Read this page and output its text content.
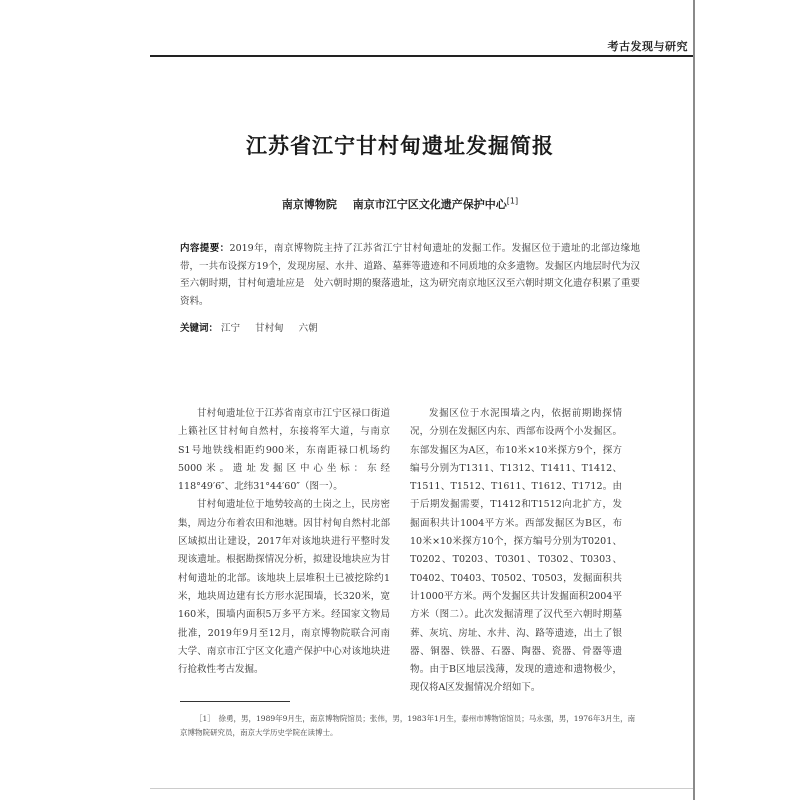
考古发现与研究
江苏省江宁甘村甸遗址发掘简报
南京博物院 南京市江宁区文化遗产保护中心[1]
内容提要：2019年，南京博物院主持了江苏省江宁甘村甸遗址的发掘工作。发掘区位于遗址的北部边缘地带，一共布设探方19个，发现房屋、水井、道路、墓葬等遗迹和不同质地的众多遗物。发掘区内地层时代为汉至六朝时期，甘村甸遗址应是　处六朝时期的聚落遗址，这为研究南京地区汉至六朝时期文化遗存积累了重要资料。
关键词： 江宁 甘村甸 六朝

甘村甸遗址位于江苏省南京市江宁区禄口街道上籁社区甘村甸自然村，东接将军大道，与南京S1号地铁线相距约900米，东南距禄口机场约5000米。遗址发掘区中心坐标：东经118°49′6″、北纬31°44′60″（图一）。

甘村甸遗址位于地势较高的土岗之上，民房密集，周边分布着农田和池塘。因甘村甸自然村北部区域拟出让建设，2017年对该地块进行平整时发现该遗址。根据勘探情况分析，拟建设地块应为甘村甸遗址的北部。该地块上层堆积土已被挖除约1米，地块周边建有长方形水泥围墙，长320米，宽160米，围墙内面积5万多平方米。经国家文物局批准，2019年9月至12月，南京博物院联合河南大学、南京市江宁区文化遗产保护中心对该地块进行抢救性考古发掘。

发掘区位于水泥围墙之内，依据前期勘探情况，分别在发掘区内东、西部布设两个小发掘区。东部发掘区为A区，布10米×10米探方9个，探方编号分别为T1311、T1312、T1411、T1412、T1511、T1512、T1611、T1612、T1712。由于后期发掘需要，T1412和T1512向北扩方，发掘面积共计1004平方米。西部发掘区为B区，布10米×10米探方10个，探方编号分别为T0201、T0202、T0203、T0301、T0302、T0303、T0402、T0403、T0502、T0503，发掘面积共计1000平方米。两个发掘区共计发掘面积2004平方米（图二）。此次发掘清理了汉代至六朝时期墓葬、灰坑、房址、水井、沟、路等遗迹，出土了银器、铜器、铁器、石器、陶器、瓷器、骨器等遗物。由于B区地层浅薄，发现的遗迹和遗物极少，现仅将A区发掘情况介绍如下。

［1］　徐勇，男，1989年9月生，南京博物院馆员；张伟，男，1983年1月生，泰州市博物馆馆员；马永强，男，1976年3月生，南京博物院研究员，南京大学历史学院在读博士。
